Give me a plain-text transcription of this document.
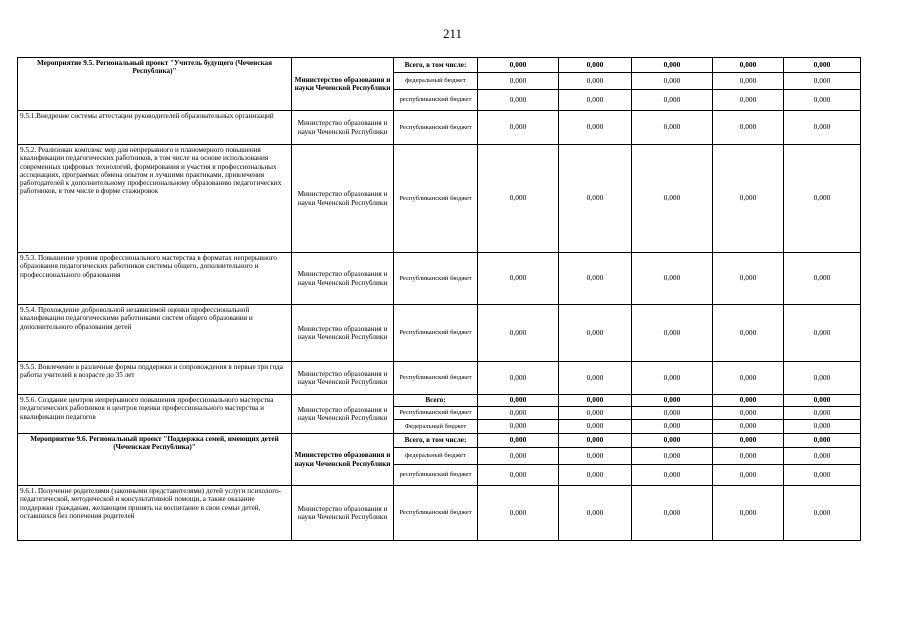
211
Мероприятие 9.5. Региональный проект "Учитель будущего (Чеченская Республика)"	Министерство образования и науки Чеченской Республики	Всего, в том числе:	0,000	0,000	0,000	0,000	0,000
		федеральный бюджет	0,000	0,000	0,000	0,000	0,000
		республиканский бюджет	0,000	0,000	0,000	0,000	0,000
9.5.1.Внедрение системы аттестации руководителей образовательных организаций	Министерство образования и науки Чеченской Республики	Республиканский бюджет	0,000	0,000	0,000	0,000	0,000
9.5.2. Реализован комплекс мер для непрерывного и планомерного повышения квалификации педагогических работников, в том числе на основе использования современных цифровых технологий, формирования и участия в профессиональных ассоциациях, программах обмена опытом и лучшими практиками, привлечения работодателей к дополнительному профессиональному образованию педагогических работников, в том числе в форме стажировок	Министерство образования и науки Чеченской Республики	Республиканский бюджет	0,000	0,000	0,000	0,000	0,000
9.5.3. Повышение уровня профессионального мастерства в форматах непрерывного образования педагогических работников системы общего, дополнительного и профессионального образования	Министерство образования и науки Чеченской Республики	Республиканский бюджет	0,000	0,000	0,000	0,000	0,000
9.5.4. Прохождение добровольной независимой оценки профессиональной квалификации педагогическими работниками систем общего образования и дополнительного образования детей	Министерство образования и науки Чеченской Республики	Республиканский бюджет	0,000	0,000	0,000	0,000	0,000
9.5.5. Вовлечение в различные формы поддержки и сопровождения в первые три года работы учителей в возрасте до 35 лет	Министерство образования и науки Чеченской Республики	Республиканский бюджет	0,000	0,000	0,000	0,000	0,000
9.5.6. Создание центров непрерывного повышения профессионального мастерства педагогических работников и центров оценки профессионального мастерства и квалификации педагогов	Министерство образования и науки Чеченской Республики	Всего:	0,000	0,000	0,000	0,000	0,000
		Республиканский бюджет	0,000	0,000	0,000	0,000	0,000
		Федеральный бюджет	0,000	0,000	0,000	0,000	0,000
Мероприятие 9.6. Региональный проект "Поддержка семей, имеющих детей (Чеченская Республика)"	Министерство образования и науки Чеченской Республики	Всего, в том числе:	0,000	0,000	0,000	0,000	0,000
		федеральный бюджет	0,000	0,000	0,000	0,000	0,000
		республиканский бюджет	0,000	0,000	0,000	0,000	0,000
9.6.1. Получение родителями (законными представителями) детей услуги психолого-педагогической, методической и консультативной помощи, а также оказание поддержки гражданам, желающим принять на воспитание в свои семьи детей, оставшихся без попечения родителей	Министерство образования и науки Чеченской Республики	Республиканский бюджет	0,000	0,000	0,000	0,000	0,000
